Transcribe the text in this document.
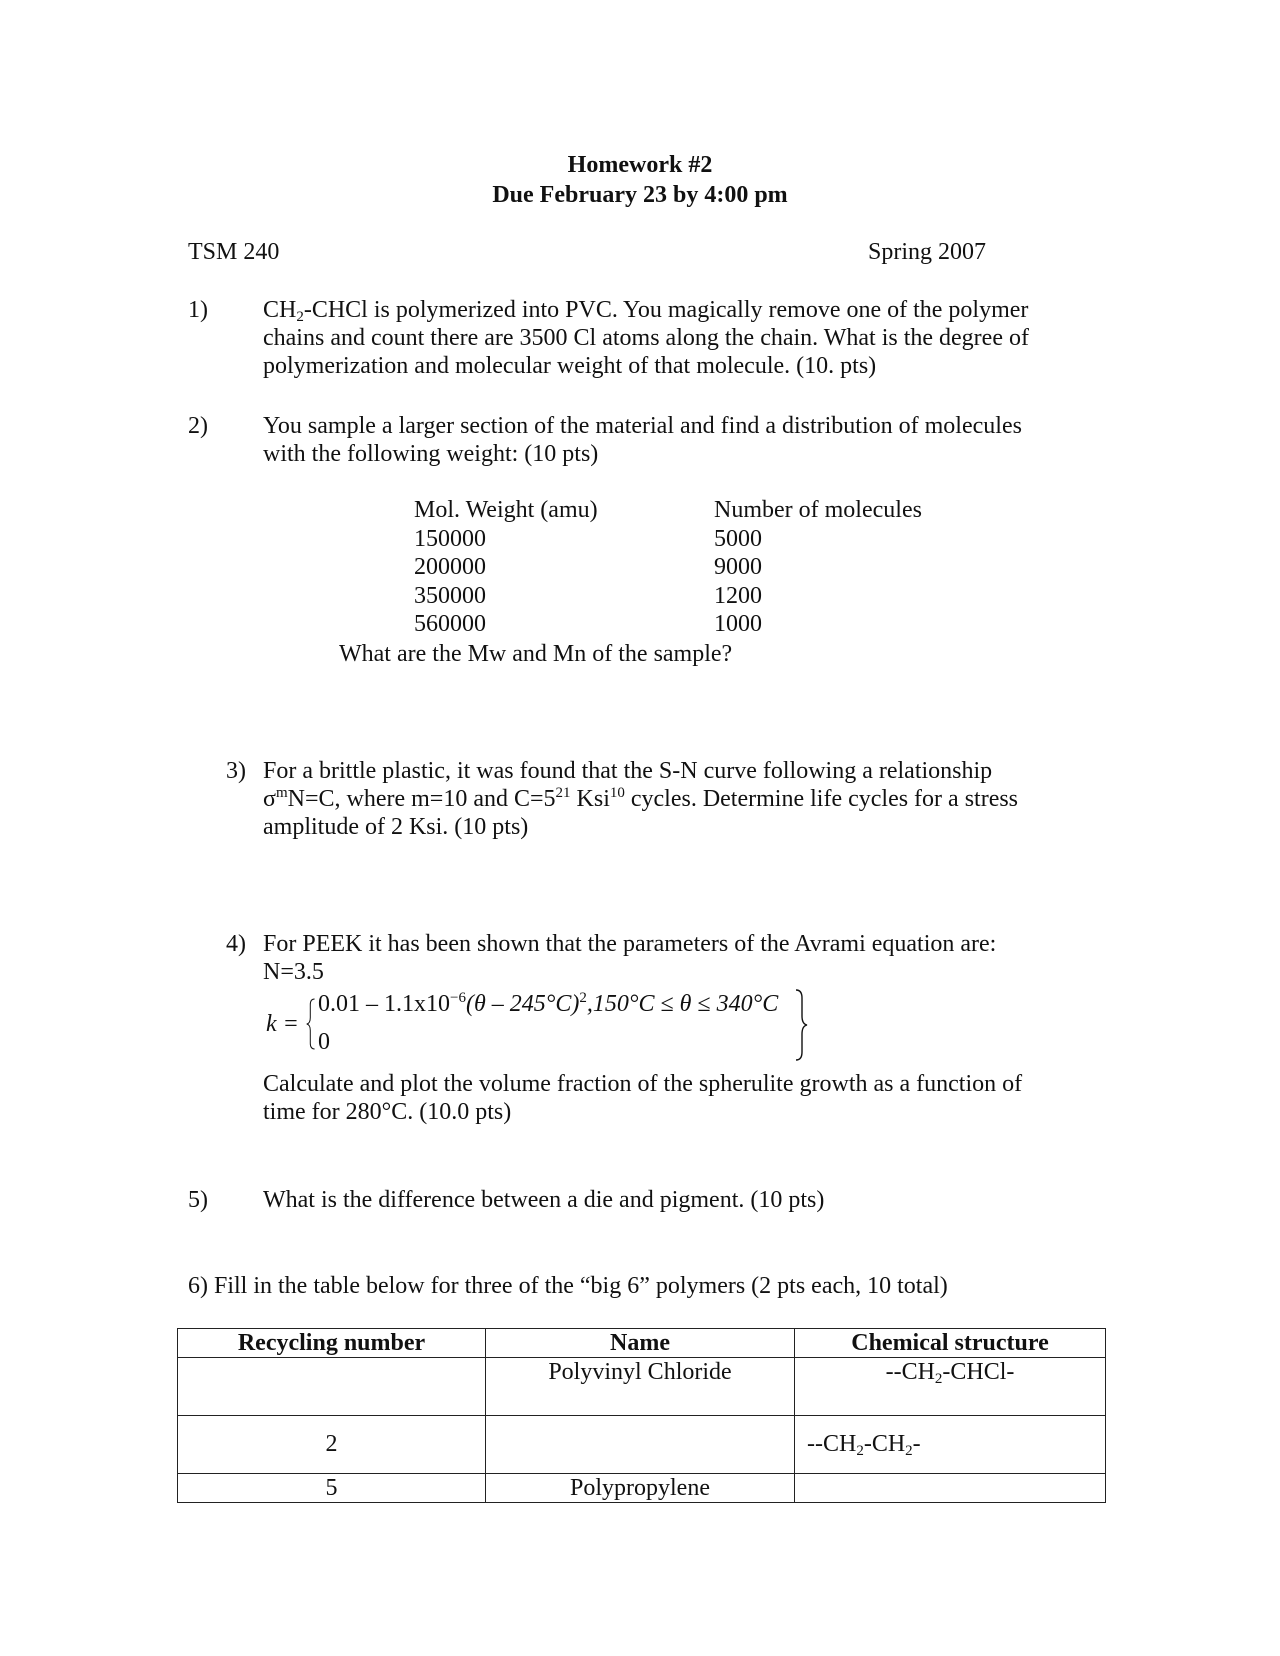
Homework #2
Due February 23 by 4:00 pm
TSM 240	Spring 2007
1) $CH_2$-CHCl is polymerized into PVC. You magically remove one of the polymer
chains and count there are 3500 Cl atoms along the chain. What is the degree of
polymerization and molecular weight of that molecule. (10. pts)
2) You sample a larger section of the material and find a distribution of molecules
with the following weight: (10 pts)
Mol. Weight (amu)	Number of molecules
150000	5000
200000	9000
350000	1200
560000	1000
What are the Mw and Mn of the sample?
3) For a brittle plastic, it was found that the S-N curve following a relationship
$\sigma^mN=C$, where m=10 and $C=5^{21}$ Ksi$^{10}$ cycles. Determine life cycles for a stress
amplitude of 2 Ksi. (10 pts)
4) For PEEK it has been shown that the parameters of the Avrami equation are:
N=3.5
k =
$0.01 - 1.1x10^{-6}(\theta - 245^\circ C)^2,150^\circ C \le \theta \le 340^\circ C$
0
Calculate and plot the volume fraction of the spherulite growth as a function of
time for 280°C. (10.0 pts)
5) What is the difference between a die and pigment. (10 pts)
6) Fill in the table below for three of the “big 6” polymers (2 pts each, 10 total)
Recycling number	Name	Chemical structure
	Polyvinyl Chloride	$--CH_2-CHCl-$
2		$--CH_2-CH_2-$
5	Polypropylene	
